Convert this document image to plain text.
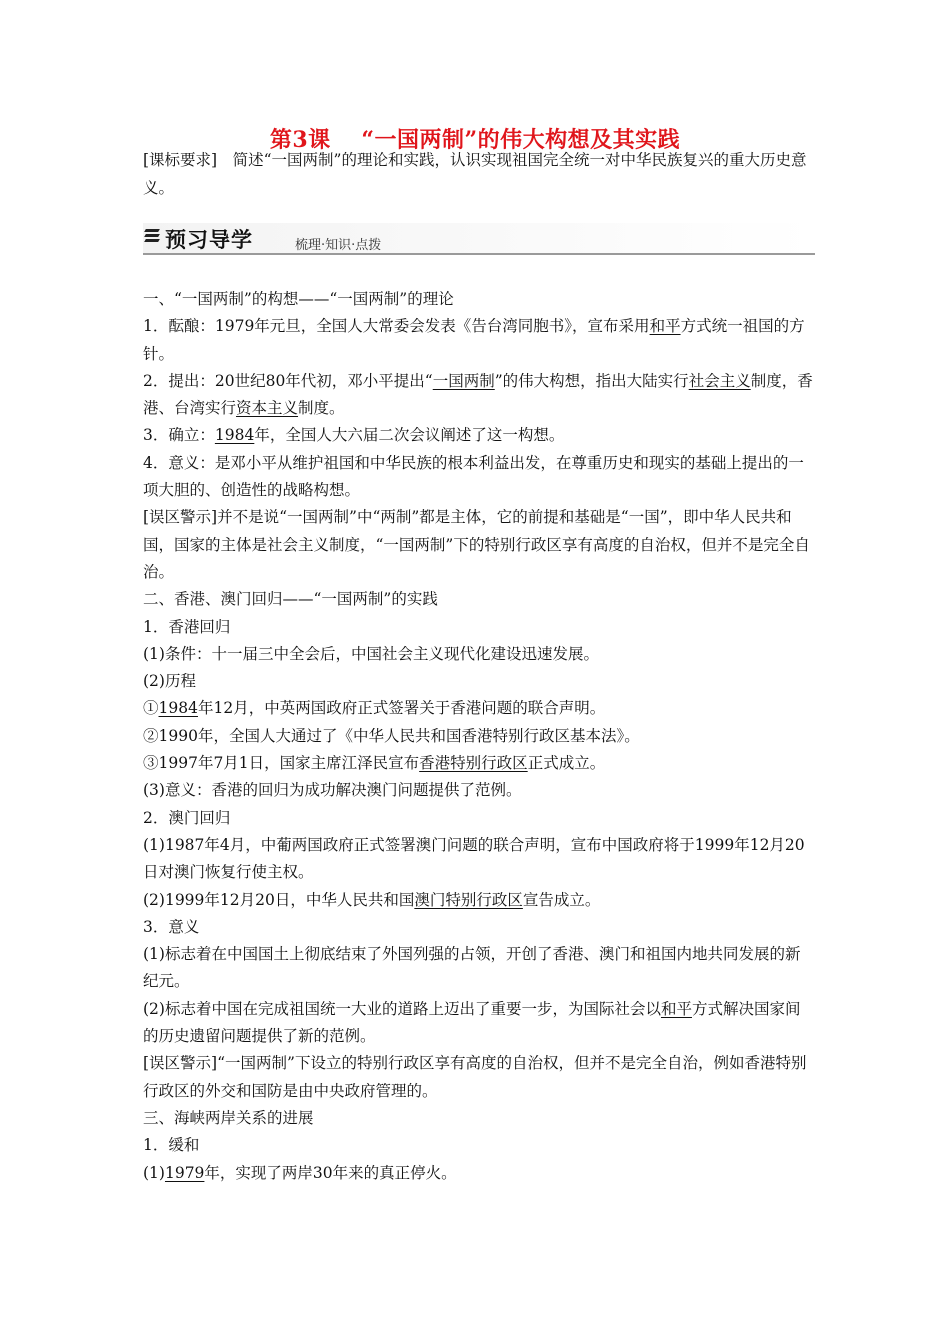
第3课　 “一国两制”的伟大构想及其实践
[课标要求]　简述“一国两制”的理论和实践，认识实现祖国完全统一对中华民族复兴的重大历史意义。
预习导学	梳理·知识·点拨

一、“一国两制”的构想——“一国两制”的理论

1．酝酿：1979年元旦，全国人大常委会发表《告台湾同胞书》，宣布采用和平方式统一祖国的方针。

2．提出：20世纪80年代初，邓小平提出“一国两制”的伟大构想，指出大陆实行社会主义制度，香港、台湾实行资本主义制度。

3．确立：1984年，全国人大六届二次会议阐述了这一构想。

4．意义：是邓小平从维护祖国和中华民族的根本利益出发，在尊重历史和现实的基础上提出的一项大胆的、创造性的战略构想。

[误区警示]并不是说“一国两制”中“两制”都是主体，它的前提和基础是“一国”，即中华人民共和国，国家的主体是社会主义制度，“一国两制”下的特别行政区享有高度的自治权，但并不是完全自治。

二、香港、澳门回归——“一国两制”的实践

1．香港回归

(1)条件：十一届三中全会后，中国社会主义现代化建设迅速发展。

(2)历程

①1984年12月，中英两国政府正式签署关于香港问题的联合声明。

②1990年，全国人大通过了《中华人民共和国香港特别行政区基本法》。

③1997年7月1日，国家主席江泽民宣布香港特别行政区正式成立。

(3)意义：香港的回归为成功解决澳门问题提供了范例。

2．澳门回归

(1)1987年4月，中葡两国政府正式签署澳门问题的联合声明，宣布中国政府将于1999年12月20日对澳门恢复行使主权。

(2)1999年12月20日，中华人民共和国澳门特别行政区宣告成立。

3．意义

(1)标志着在中国国土上彻底结束了外国列强的占领，开创了香港、澳门和祖国内地共同发展的新纪元。

(2)标志着中国在完成祖国统一大业的道路上迈出了重要一步，为国际社会以和平方式解决国家间的历史遗留问题提供了新的范例。

[误区警示]“一国两制”下设立的特别行政区享有高度的自治权，但并不是完全自治，例如香港特别行政区的外交和国防是由中央政府管理的。

三、海峡两岸关系的进展

1．缓和

(1)1979年，实现了两岸30年来的真正停火。
